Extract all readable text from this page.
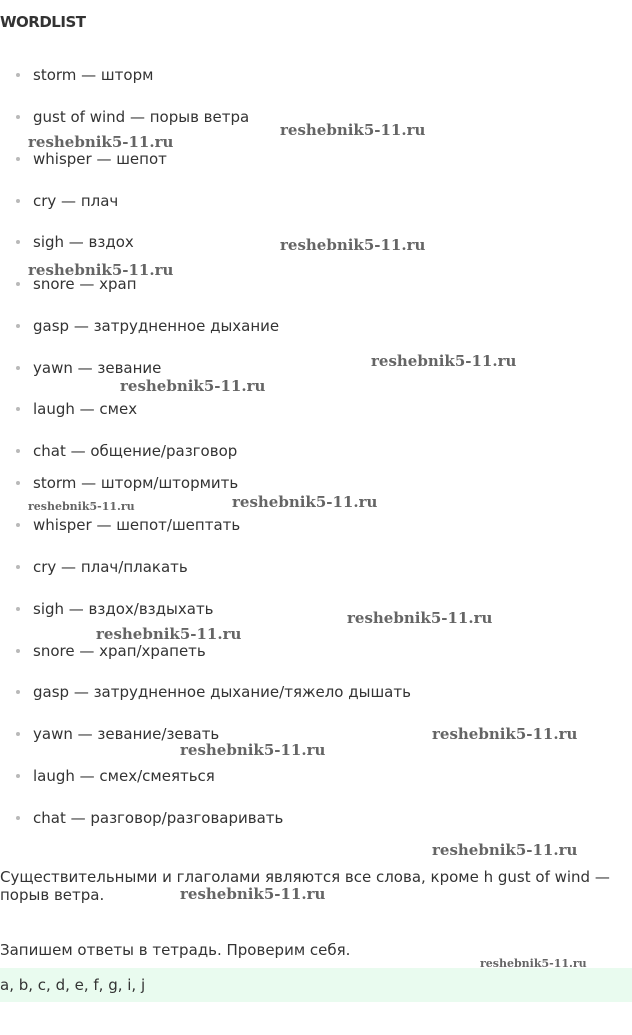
WORDLIST
storm — шторм
gust of wind — порыв ветра
whisper — шепот
cry — плач
sigh — вздох
snore — храп
gasp — затрудненное дыхание
yawn — зевание
laugh — смех
chat — общение/разговор
storm — шторм/штормить
whisper — шепот/шептать
cry — плач/плакать
sigh — вздох/вздыхать
snore — храп/храпеть
gasp — затрудненное дыхание/тяжело дышать
yawn — зевание/зевать
laugh — смех/смеяться
chat — разговор/разговаривать
Существительными и глаголами являются все слова, кроме h gust of wind — порыв ветра.
Запишем ответы в тетрадь. Проверим себя.
a, b, c, d, e, f, g, i, j
reshebnik5-11.ru
reshebnik5-11.ru
reshebnik5-11.ru
reshebnik5-11.ru
reshebnik5-11.ru
reshebnik5-11.ru
reshebnik5-11.ru	reshebnik5-11.ru
reshebnik5-11.ru
reshebnik5-11.ru
reshebnik5-11.ru
reshebnik5-11.ru
reshebnik5-11.ru
reshebnik5-11.ru
reshebnik5-11.ru
